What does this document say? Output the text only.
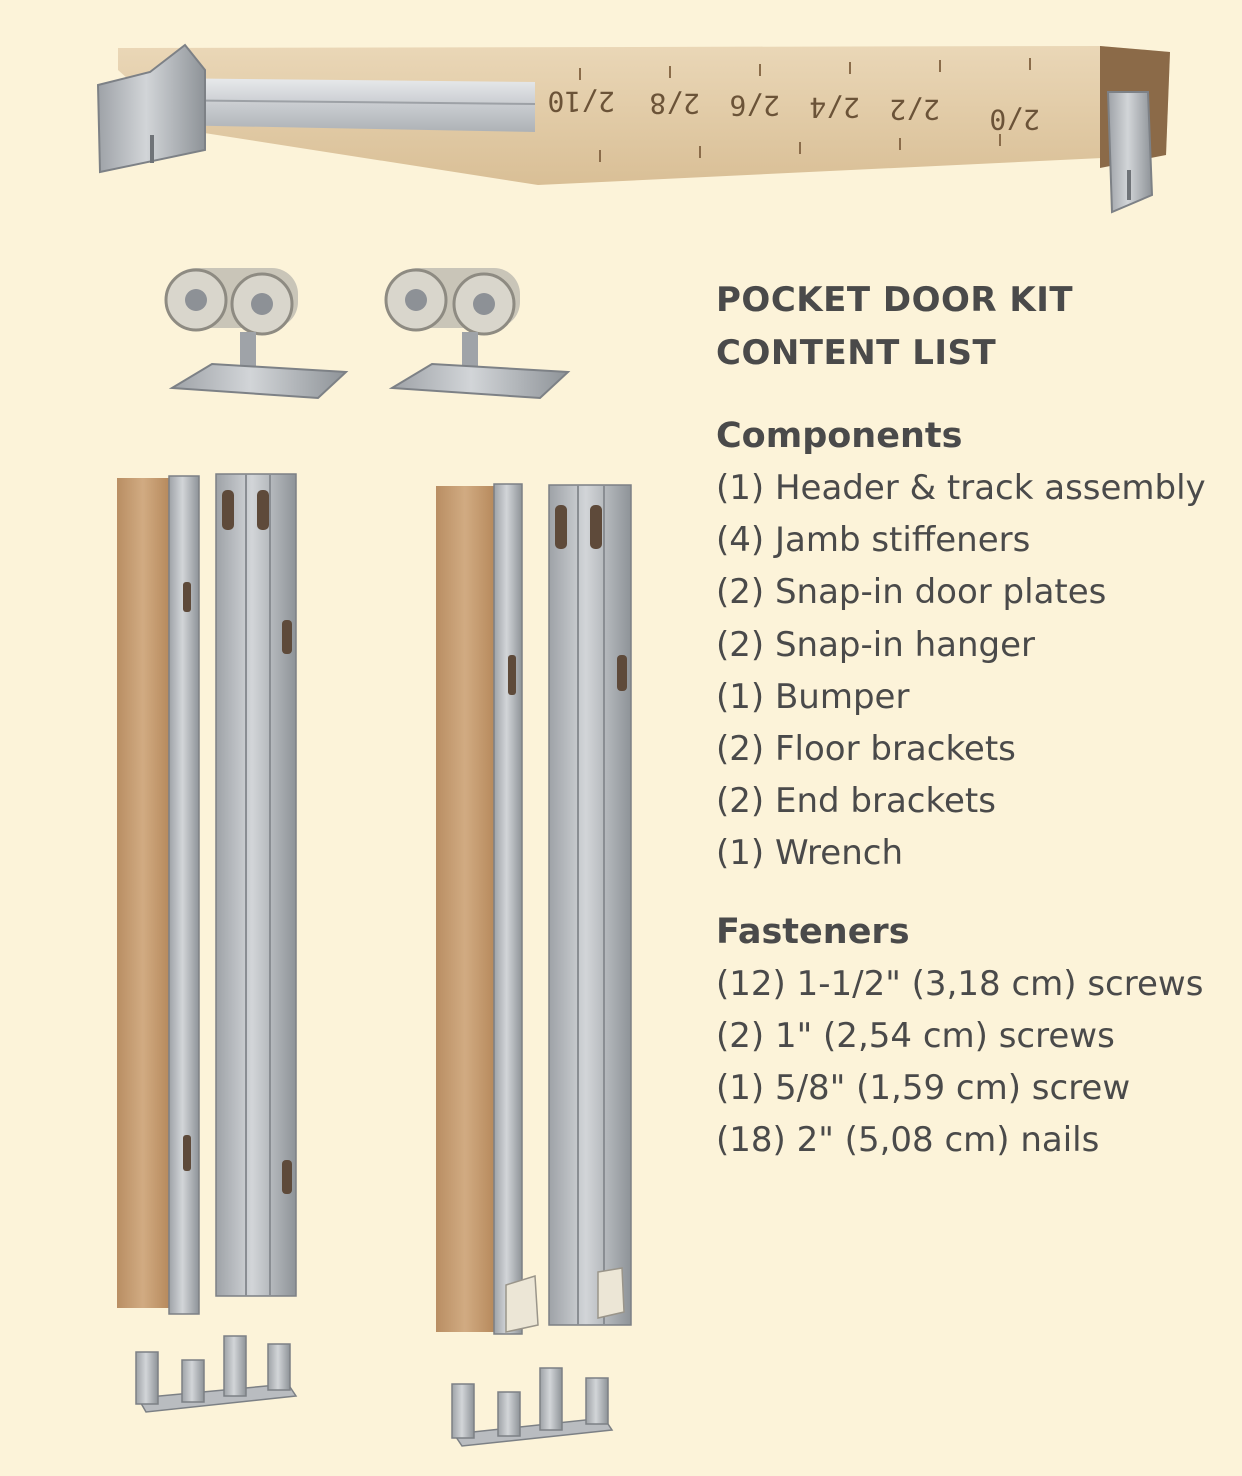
2/0
2/2
2/4
2/6
2/8
2/10

POCKET DOOR KIT

CONTENT LIST

Components

(1) Header & track assembly

(4) Jamb stiffeners

(2) Snap-in door plates

(2) Snap-in hanger

(1) Bumper

(2) Floor brackets

(2) End brackets

(1) Wrench

Fasteners

(12) 1-1/2" (3,18 cm) screws

(2) 1" (2,54 cm) screws

(1) 5/8" (1,59 cm) screw

(18) 2" (5,08 cm) nails
